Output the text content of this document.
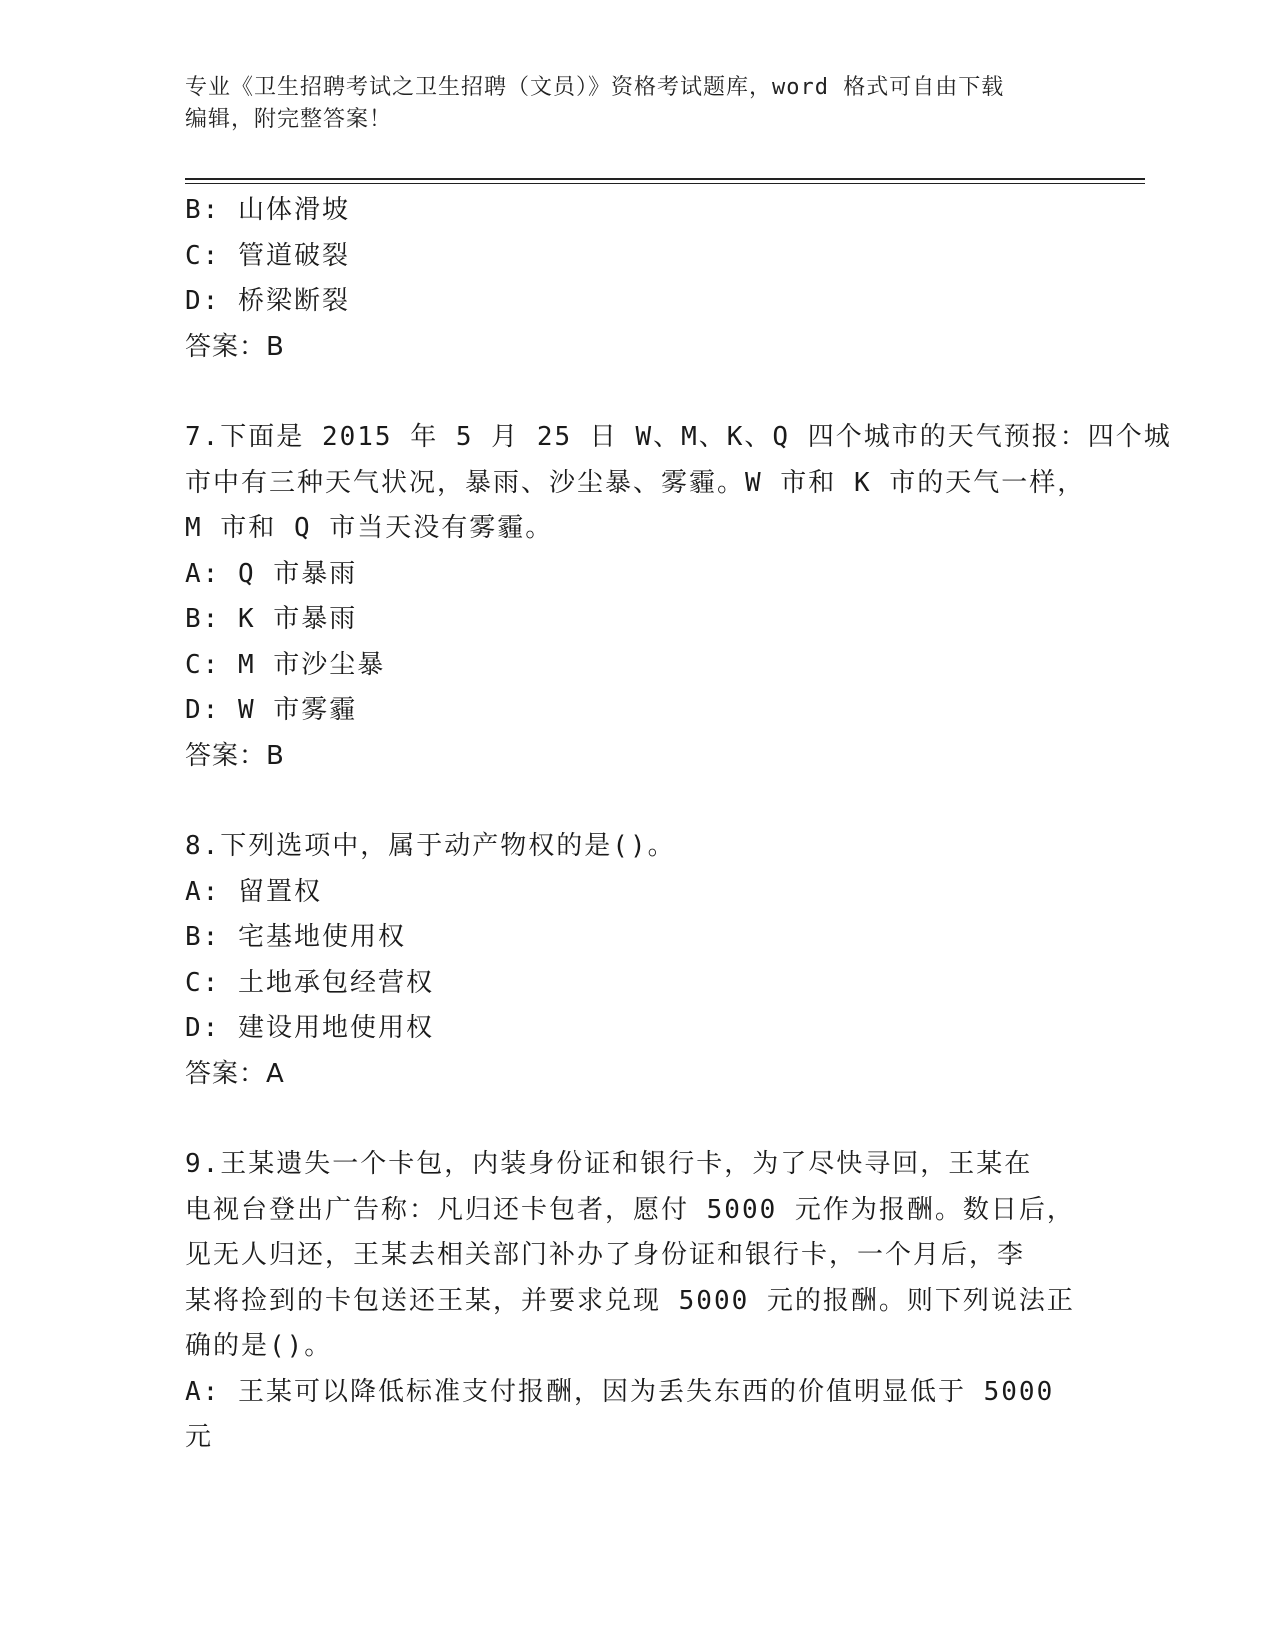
专业《卫生招聘考试之卫生招聘（文员）》资格考试题库，word 格式可自由下载
编辑，附完整答案！
B: 山体滑坡
C: 管道破裂
D: 桥梁断裂
答案：B
7.下面是 2015 年 5 月 25 日 W、M、K、Q 四个城市的天气预报：四个城
市中有三种天气状况，暴雨、沙尘暴、雾霾。W 市和 K 市的天气一样，
M 市和 Q 市当天没有雾霾。
A: Q 市暴雨
B: K 市暴雨
C: M 市沙尘暴
D: W 市雾霾
答案：B
8.下列选项中，属于动产物权的是()。
A: 留置权
B: 宅基地使用权
C: 土地承包经营权
D: 建设用地使用权
答案：A
9.王某遗失一个卡包，内装身份证和银行卡，为了尽快寻回，王某在
电视台登出广告称：凡归还卡包者，愿付 5000 元作为报酬。数日后，
见无人归还，王某去相关部门补办了身份证和银行卡，一个月后，李
某将捡到的卡包送还王某，并要求兑现 5000 元的报酬。则下列说法正
确的是()。
A: 王某可以降低标准支付报酬，因为丢失东西的价值明显低于 5000
元
